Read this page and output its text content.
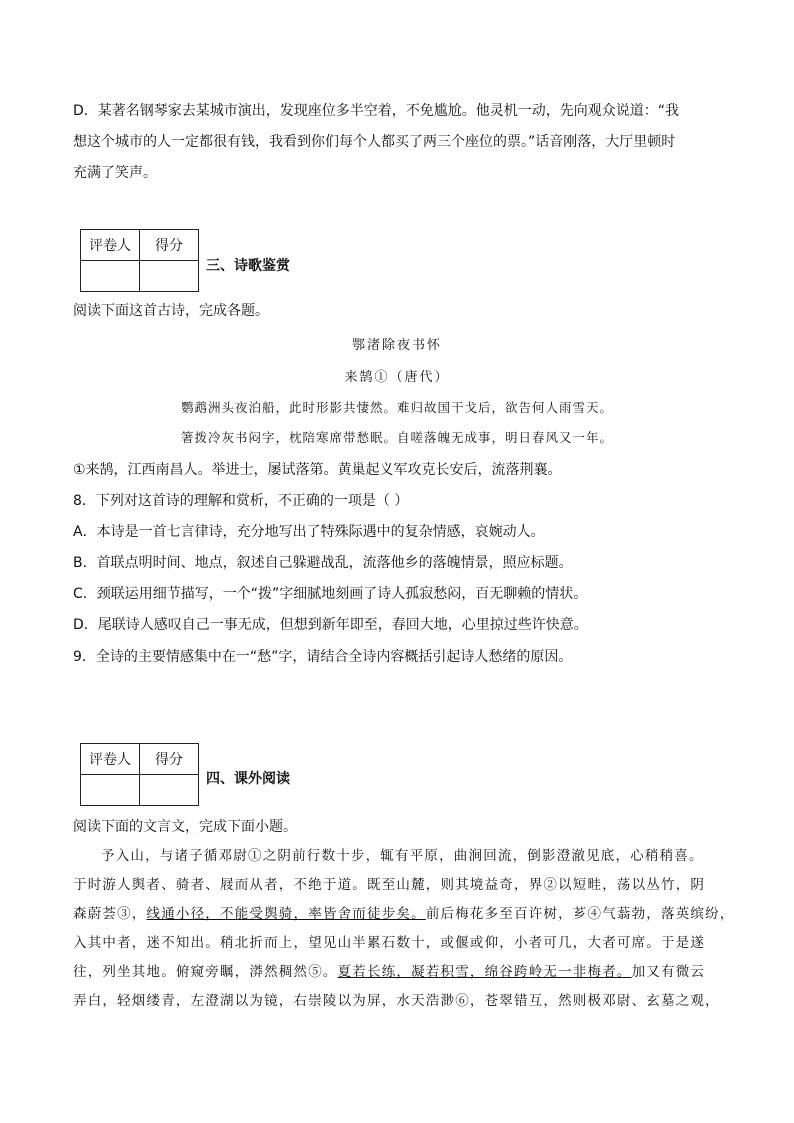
D．某著名钢琴家去某城市演出，发现座位多半空着，不免尴尬。他灵机一动，先向观众说道：“我
想这个城市的人一定都很有钱，我看到你们每个人都买了两三个座位的票。”话音刚落，大厅里顿时
充满了笑声。
评卷人	得分

三、诗歌鉴赏
阅读下面这首古诗，完成各题。
鄂渚除夜书怀
来鹄①（唐代）
鹦鹉洲头夜泊船，此时形影共悽然。难归故国干戈后，欲告何人雨雪天。
箸拨冷灰书闷字，枕陪寒席带愁眠。自嗟落魄无成事，明日春风又一年。
①来鹄，江西南昌人。举进士，屡试落第。黄巢起义军攻克长安后，流落荆襄。
8．下列对这首诗的理解和赏析，不正确的一项是（ ）
A．本诗是一首七言律诗，充分地写出了特殊际遇中的复杂情感，哀婉动人。
B．首联点明时间、地点，叙述自己躲避战乱，流落他乡的落魄情景，照应标题。
C．颈联运用细节描写，一个“拨”字细腻地刻画了诗人孤寂愁闷，百无聊赖的情状。
D．尾联诗人感叹自己一事无成，但想到新年即至，春回大地，心里掠过些许快意。
9．全诗的主要情感集中在一“愁”字，请结合全诗内容概括引起诗人愁绪的原因。
评卷人	得分

四、课外阅读
阅读下面的文言文，完成下面小题。
予入山，与诸子循邓尉①之阴前行数十步，辄有平原，曲涧回流，倒影澄澈见底，心稍稍喜。
于时游人舆者、骑者、屐而从者，不绝于道。既至山麓，则其境益奇，界②以短畦，荡以丛竹，阴
森蔚荟③，线通小径，不能受舆骑，率皆舍而徒步矣。前后梅花多至百许树，芗④气蓊勃，落英缤纷，
入其中者，迷不知出。稍北折而上，望见山半累石数十，或偃或仰，小者可几，大者可席。于是遂
往，列坐其地。俯窥旁瞩，漭然稠然⑤。夏若长练，凝若积雪，绵谷跨岭无一非梅者。加又有微云
弄白，轻烟缕青，左澄湖以为镜，右崇陵以为屏，水天浩渺⑥，苍翠错互，然则极邓尉、玄墓之观，
